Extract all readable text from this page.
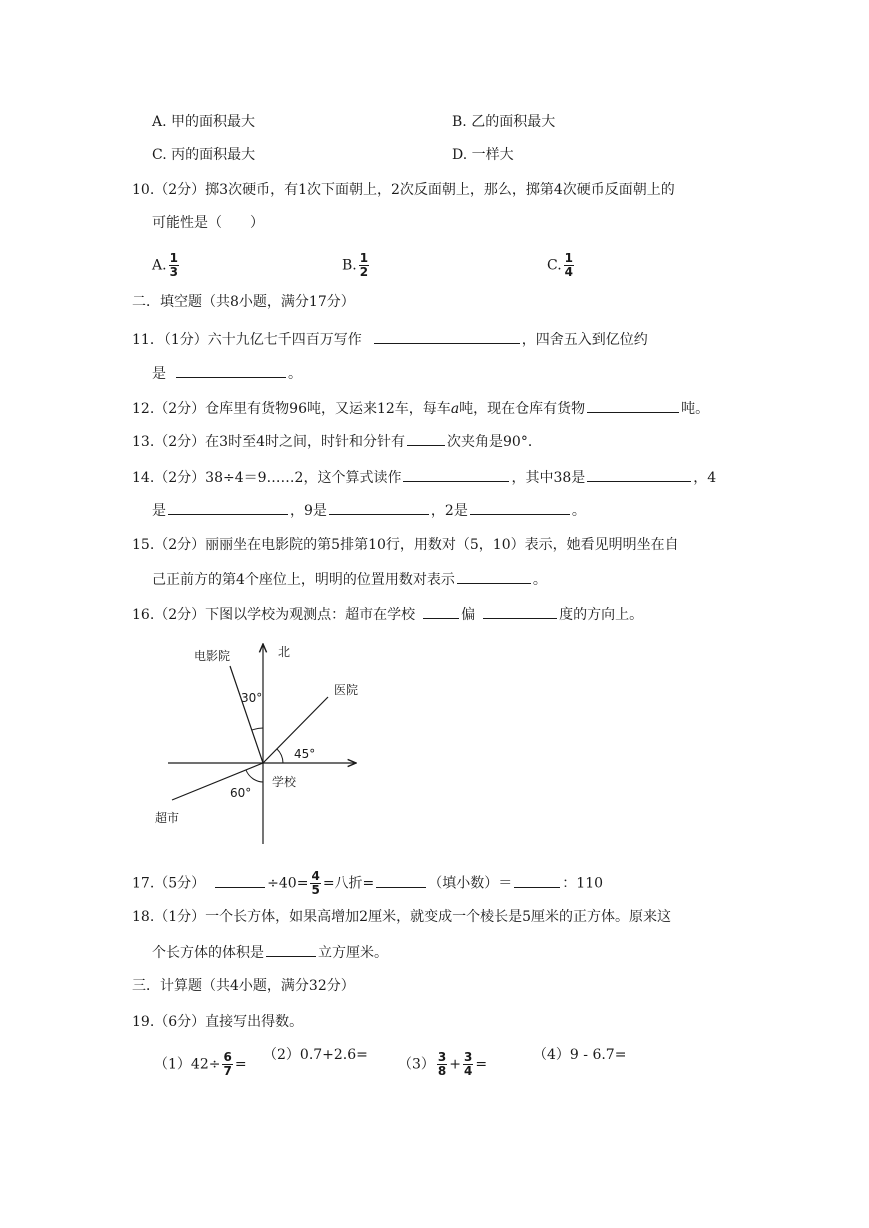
A. 甲的面积最大	B. 乙的面积最大
C. 丙的面积最大	D. 一样大
10.（2分）掷3次硬币，有1次下面朝上，2次反面朝上，那么，掷第4次硬币反面朝上的
可能性是（　　）
A. $\frac{1}{3}$	B. $\frac{1}{2}$	C. $\frac{1}{4}$
二．填空题（共8小题，满分17分）
11．（1分）六十九亿七千四百万写作	，四舍五入到亿位约
是	。
12.（2分）仓库里有货物96吨，又运来12车，每车a吨，现在仓库有货物	吨。
13.（2分）在3时至4时之间，时针和分针有	次夹角是90°．
14.（2分）38÷4＝9……2，这个算式读作	，其中38是	，4
是	，9是	，2是	。
15.（2分）丽丽坐在电影院的第5排第10行，用数对（5，10）表示，她看见明明坐在自
己正前方的第4个座位上，明明的位置用数对表示	。
16.（2分）下图以学校为观测点：超市在学校	偏	度的方向上。
北
电影院
医院
学校
超市
30°
45°
60°
17.（5分）	$\div 40= \frac{4}{5}$ =八折=	（填小数）＝	：110
18.（1分）一个长方体，如果高增加2厘米，就变成一个棱长是5厘米的正方体。原来这
个长方体的体积是	立方厘米。
三．计算题（共4小题，满分32分）
19.（6分）直接写出得数。
$(1)42\div \frac{6}{7}$ =
（2）0.7+2.6=
$(3) \frac{3}{8} + \frac{3}{4}$ =
（4）9 - 6.7=
